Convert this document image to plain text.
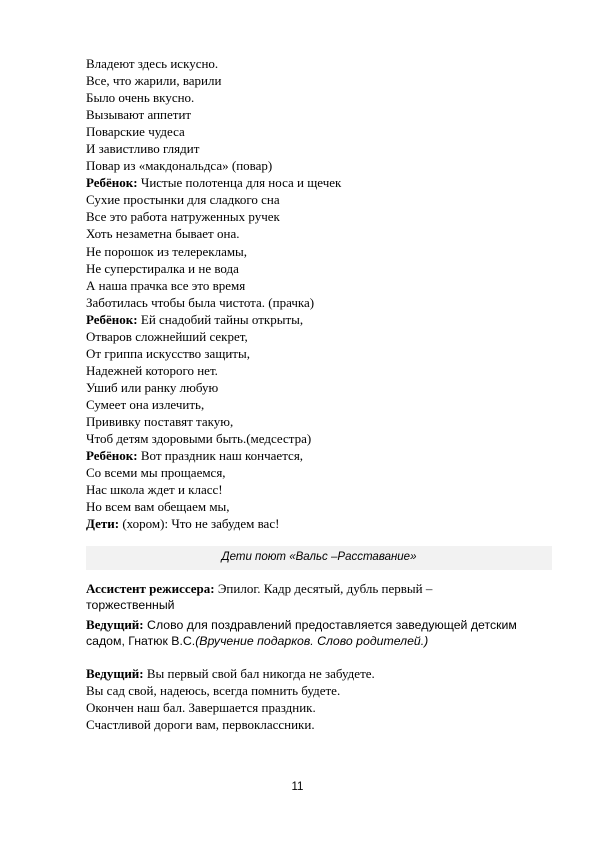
Владеют здесь искусно.
Все, что жарили, варили
Было очень вкусно.
Вызывают аппетит
Поварские чудеса
И завистливо глядит
Повар из «макдональдса» (повар)
Ребёнок: Чистые полотенца для носа и щечек
Сухие простынки для сладкого сна
Все это работа натруженных ручек
Хоть незаметна бывает она.
Не порошок из телерекламы,
Не суперстиралка и не вода
А наша прачка все это время
Заботилась чтобы была чистота. (прачка)
Ребёнок: Ей снадобий тайны открыты,
Отваров сложнейший секрет,
От гриппа искусство защиты,
Надежней которого нет.
Ушиб или ранку любую
Сумеет она излечить,
Прививку поставят такую,
Чтоб детям здоровыми быть.(медсестра)
Ребёнок: Вот праздник наш кончается,
Со всеми мы прощаемся,
Нас школа ждет и класс!
Но всем вам обещаем мы,
Дети: (хором): Что не забудем вас!
Дети поют «Вальс –Расставание»
Ассистент режиссера: Эпилог. Кадр десятый, дубль первый –
торжественный
Ведущий: Слово для поздравлений предоставляется заведующей детским
садом, Гнатюк В.С.(Вручение подарков. Слово родителей.)
Ведущий: Вы первый свой бал никогда не забудете.
Вы сад свой, надеюсь, всегда помнить будете.
Окончен наш бал. Завершается праздник.
Счастливой дороги вам, первоклассники.
11
